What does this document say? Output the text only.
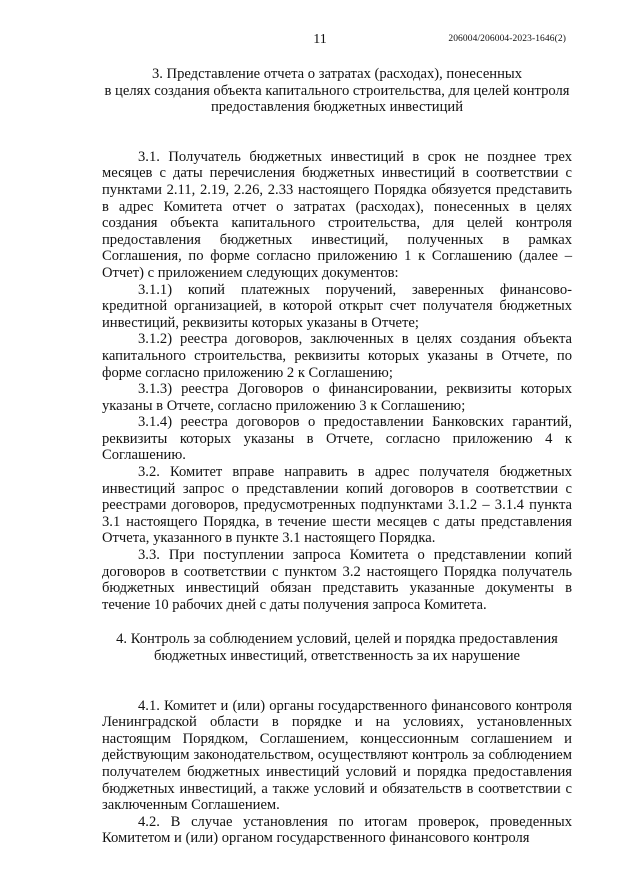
11	206004/206004-2023-1646(2)
3. Представление отчета о затратах (расходах), понесенных
в целях создания объекта капитального строительства, для целей контроля
предоставления бюджетных инвестиций

3.1. Получатель бюджетных инвестиций в срок не позднее трех месяцев с даты перечисления бюджетных инвестиций в соответствии с пунктами 2.11, 2.19, 2.26, 2.33 настоящего Порядка обязуется представить в адрес Комитета отчет о затратах (расходах), понесенных в целях создания объекта капитального строительства, для целей контроля предоставления бюджетных инвестиций, полученных в рамках Соглашения, по форме согласно приложению 1 к Соглашению (далее – Отчет) с приложением следующих документов:

3.1.1) копий платежных поручений, заверенных финансово-кредитной организацией, в которой открыт счет получателя бюджетных инвестиций, реквизиты которых указаны в Отчете;

3.1.2) реестра договоров, заключенных в целях создания объекта капитального строительства, реквизиты которых указаны в Отчете, по форме согласно приложению 2 к Соглашению;

3.1.3) реестра Договоров о финансировании, реквизиты которых указаны в Отчете, согласно приложению 3 к Соглашению;

3.1.4) реестра договоров о предоставлении Банковских гарантий, реквизиты которых указаны в Отчете, согласно приложению 4 к Соглашению.

3.2. Комитет вправе направить в адрес получателя бюджетных инвестиций запрос о представлении копий договоров в соответствии с реестрами договоров, предусмотренных подпунктами 3.1.2 – 3.1.4 пункта 3.1 настоящего Порядка, в течение шести месяцев с даты представления Отчета, указанного в пункте 3.1 настоящего Порядка.

3.3. При поступлении запроса Комитета о представлении копий договоров в соответствии с пунктом 3.2 настоящего Порядка получатель бюджетных инвестиций обязан представить указанные документы в течение 10 рабочих дней с даты получения запроса Комитета.

4. Контроль за соблюдением условий, целей и порядка предоставления
бюджетных инвестиций, ответственность за их нарушение

4.1. Комитет и (или) органы государственного финансового контроля Ленинградской области в порядке и на условиях, установленных настоящим Порядком, Соглашением, концессионным соглашением и действующим законодательством, осуществляют контроль за соблюдением получателем бюджетных инвестиций условий и порядка предоставления бюджетных инвестиций, а также условий и обязательств в соответствии с заключенным Соглашением.

4.2. В случае установления по итогам проверок, проведенных Комитетом и (или) органом государственного финансового контроля
